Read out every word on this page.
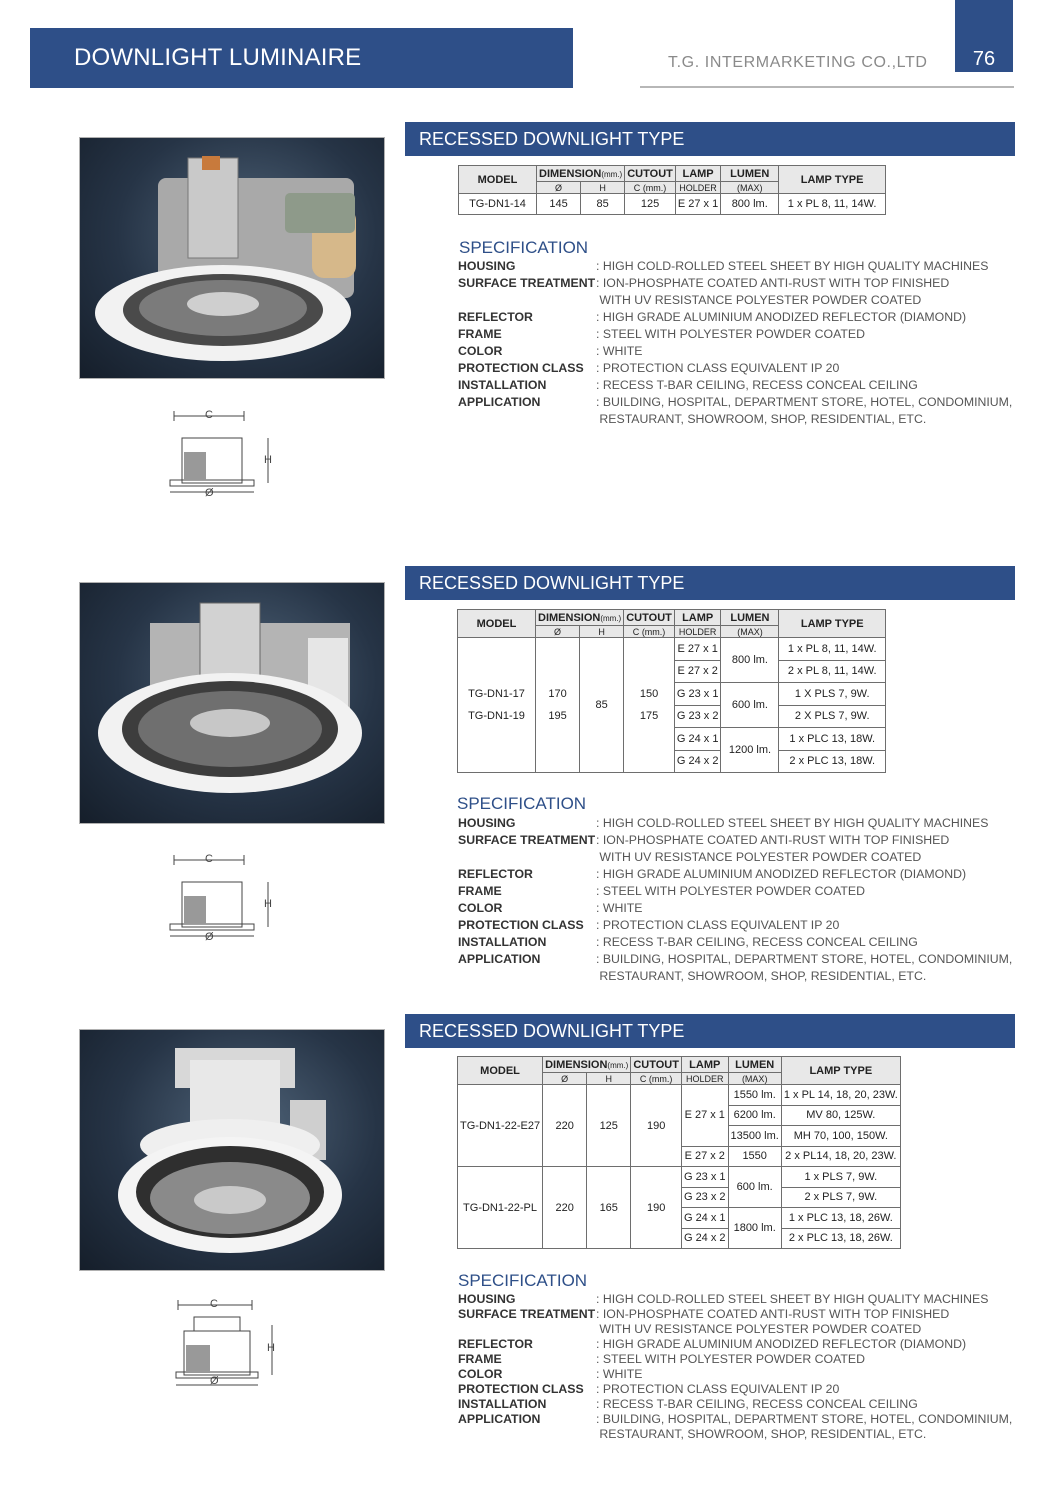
DOWNLIGHT LUMINAIRE	T.G. INTERMARKETING CO.,LTD	76
RECESSED DOWNLIGHT TYPE
MODEL	DIMENSION(mm.)		CUTOUT	LAMP	LUMEN	LAMP TYPE
	Ø	H	C (mm.)	HOLDER	(MAX)	
TG-DN1-14	145	85	125	E 27 x 1	800 lm.	1 x PL 8, 11, 14W.
SPECIFICATION
HOUSING	: HIGH COLD-ROLLED STEEL SHEET BY HIGH QUALITY MACHINES
SURFACE TREATMENT : ION-PHOSPHATE COATED ANTI-RUST WITH TOP FINISHED
WITH UV RESISTANCE POLYESTER POWDER COATED
REFLECTOR	: HIGH GRADE ALUMINIUM ANODIZED REFLECTOR (DIAMOND)
FRAME	: STEEL WITH POLYESTER POWDER COATED
COLOR	: WHITE
PROTECTION CLASS	: PROTECTION CLASS EQUIVALENT IP 20
INSTALLATION	: RECESS T-BAR CEILING, RECESS CONCEAL CEILING
APPLICATION	: BUILDING, HOSPITAL, DEPARTMENT STORE, HOTEL, CONDOMINIUM,
RESTAURANT, SHOWROOM, SHOP, RESIDENTIAL, ETC.
C
H
Ø
RECESSED DOWNLIGHT TYPE
MODEL	DIMENSION(mm.)		CUTOUT	LAMP	LUMEN	LAMP TYPE
	Ø	H	C (mm.)	HOLDER	(MAX)	
		85		E 27 x 1	800 lm.	1 x PL 8, 11, 14W.
				E 27 x 2		2 x PL 8, 11, 14W.
TG-DN1-17	170		150	G 23 x 1	600 lm.	1 X PLS 7, 9W.
TG-DN1-19	195		175	G 23 x 2		2 X PLS 7, 9W.
				G 24 x 1	1200 lm.	1 x PLC 13, 18W.
				G 24 x 2		2 x PLC 13, 18W.
SPECIFICATION
HOUSING	: HIGH COLD-ROLLED STEEL SHEET BY HIGH QUALITY MACHINES
SURFACE TREATMENT : ION-PHOSPHATE COATED ANTI-RUST WITH TOP FINISHED
WITH UV RESISTANCE POLYESTER POWDER COATED
REFLECTOR	: HIGH GRADE ALUMINIUM ANODIZED REFLECTOR (DIAMOND)
FRAME	: STEEL WITH POLYESTER POWDER COATED
COLOR	: WHITE
PROTECTION CLASS	: PROTECTION CLASS EQUIVALENT IP 20
INSTALLATION	: RECESS T-BAR CEILING, RECESS CONCEAL CEILING
APPLICATION	: BUILDING, HOSPITAL, DEPARTMENT STORE, HOTEL, CONDOMINIUM,
RESTAURANT, SHOWROOM, SHOP, RESIDENTIAL, ETC.
C
H
Ø
RECESSED DOWNLIGHT TYPE
MODEL	DIMENSION(mm.)		CUTOUT	LAMP	LUMEN	LAMP TYPE
	Ø	H	C (mm.)	HOLDER	(MAX)	
TG-DN1-22-E27	220	125	190	E 27 x 1	1550 lm.	1 x PL 14, 18, 20, 23W.
					6200 lm.	MV 80, 125W.
					13500 lm.	MH 70, 100, 150W.
				E 27 x 2	1550	2 x PL14, 18, 20, 23W.
TG-DN1-22-PL	220	165	190	G 23 x 1	600 lm.	1 x PLS 7, 9W.
				G 23 x 2		2 x PLS 7, 9W.
				G 24 x 1	1800 lm.	1 x PLC 13, 18, 26W.
				G 24 x 2		2 x PLC 13, 18, 26W.
SPECIFICATION
HOUSING	: HIGH COLD-ROLLED STEEL SHEET BY HIGH QUALITY MACHINES
SURFACE TREATMENT : ION-PHOSPHATE COATED ANTI-RUST WITH TOP FINISHED
WITH UV RESISTANCE POLYESTER POWDER COATED
REFLECTOR	: HIGH GRADE ALUMINIUM ANODIZED REFLECTOR (DIAMOND)
FRAME	: STEEL WITH POLYESTER POWDER COATED
COLOR	: WHITE
PROTECTION CLASS	: PROTECTION CLASS EQUIVALENT IP 20
INSTALLATION	: RECESS T-BAR CEILING, RECESS CONCEAL CEILING
APPLICATION	: BUILDING, HOSPITAL, DEPARTMENT STORE, HOTEL, CONDOMINIUM,
RESTAURANT, SHOWROOM, SHOP, RESIDENTIAL, ETC.
C
H
Ø
